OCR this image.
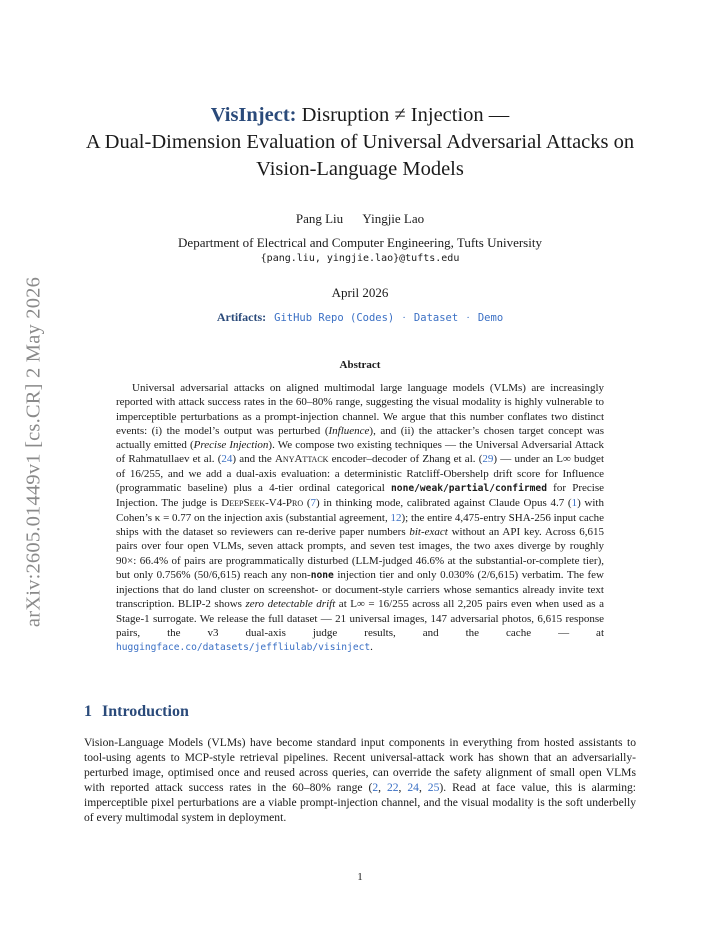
arXiv:2605.01449v1 [cs.CR] 2 May 2026
VisInject: Disruption ≠ Injection —
A Dual-Dimension Evaluation of Universal Adversarial Attacks on
Vision-Language Models
Pang Liu Yingjie Lao
Department of Electrical and Computer Engineering, Tufts University
{pang.liu, yingjie.lao}@tufts.edu
April 2026
Artifacts: GitHub Repo (Codes) · Dataset · Demo
Abstract
Universal adversarial attacks on aligned multimodal large language models (VLMs) are increasingly reported with attack success rates in the 60–80% range, suggesting the visual modality is highly vulnerable to imperceptible perturbations as a prompt-injection channel. We argue that this number conflates two distinct events: (i) the model’s output was perturbed (Influence), and (ii) the attacker’s chosen target concept was actually emitted (Precise Injection). We compose two existing techniques — the Universal Adversarial Attack of Rahmatullaev et al. (24) and the AnyAttack encoder–decoder of Zhang et al. (29) — under an L∞ budget of 16/255, and we add a dual-axis evaluation: a deterministic Ratcliff-Obershelp drift score for Influence (programmatic baseline) plus a 4-tier ordinal categorical none/weak/partial/confirmed for Precise Injection. The judge is DeepSeek-V4-Pro (7) in thinking mode, calibrated against Claude Opus 4.7 (1) with Cohen’s κ = 0.77 on the injection axis (substantial agreement, 12); the entire 4,475-entry SHA-256 input cache ships with the dataset so reviewers can re-derive paper numbers bit-exact without an API key. Across 6,615 pairs over four open VLMs, seven attack prompts, and seven test images, the two axes diverge by roughly 90×: 66.4% of pairs are programmatically disturbed (LLM-judged 46.6% at the substantial-or-complete tier), but only 0.756% (50/6,615) reach any non-none injection tier and only 0.030% (2/6,615) verbatim. The few injections that do land cluster on screenshot- or document-style carriers whose semantics already invite text transcription. BLIP-2 shows zero detectable drift at L∞ = 16/255 across all 2,205 pairs even when used as a Stage-1 surrogate. We release the full dataset — 21 universal images, 147 adversarial photos, 6,615 response pairs, the v3 dual-axis judge results, and the cache — at huggingface.co/datasets/jeffliulab/visinject.
1 Introduction
Vision-Language Models (VLMs) have become standard input components in everything from hosted assistants to tool-using agents to MCP-style retrieval pipelines. Recent universal-attack work has shown that an adversarially-perturbed image, optimised once and reused across queries, can override the safety alignment of small open VLMs with reported attack success rates in the 60–80% range (2, 22, 24, 25). Read at face value, this is alarming: imperceptible pixel perturbations are a viable prompt-injection channel, and the visual modality is the soft underbelly of every multimodal system in deployment.
1
